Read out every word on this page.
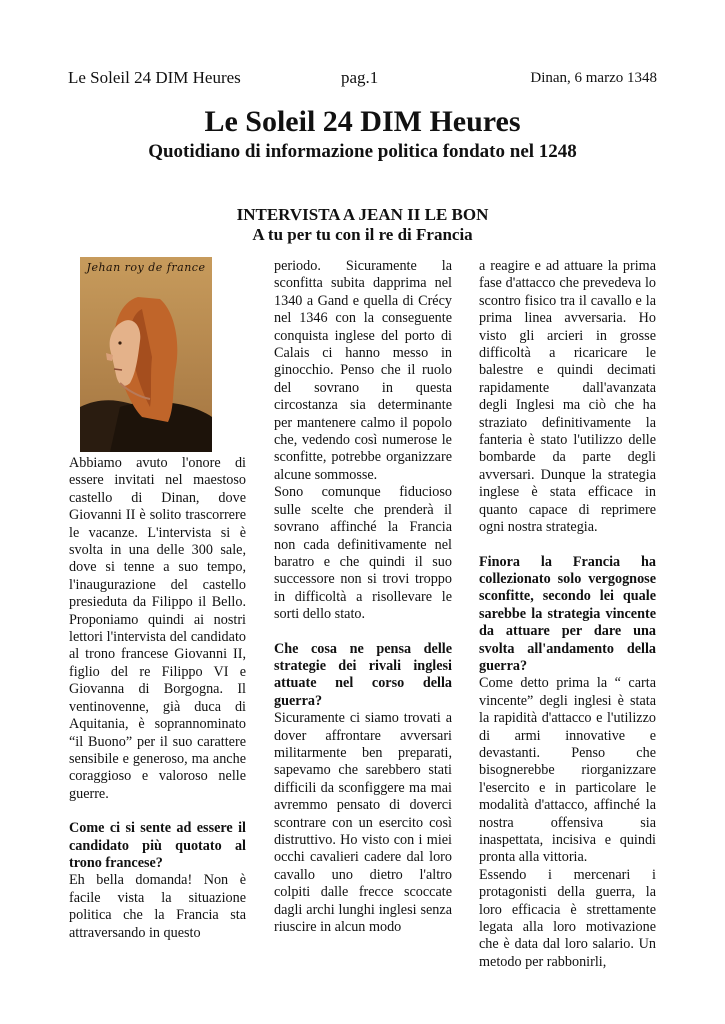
Le Soleil 24 DIM Heures	pag.1	Dinan, 6 marzo 1348
Le Soleil 24 DIM Heures
Quotidiano di informazione politica fondato nel 1248
INTERVISTA A JEAN II LE BON
A tu per tu con il re di Francia
Jehan roy de france

Abbiamo avuto l'onore di essere invitati nel maestoso castello di Dinan, dove Giovanni II è solito trascorrere le vacanze. L'intervista si è svolta in una delle 300 sale, dove si tenne a suo tempo, l'inaugurazione del castello presieduta da Filippo il Bello. Proponiamo quindi ai nostri lettori l'intervista del candidato al trono francese Giovanni II, figlio del re Filippo VI e Giovanna di Borgogna. Il ventinovenne, già duca di Aquitania, è soprannominato “il Buono” per il suo carattere sensibile e generoso, ma anche coraggioso e valoroso nelle guerre.

Come ci si sente ad essere il candidato più quotato al trono francese?

Eh bella domanda! Non è facile vista la situazione politica che la Francia sta attraversando in questo

periodo. Sicuramente la sconfitta subita dapprima nel 1340 a Gand e quella di Crécy nel 1346 con la conseguente conquista inglese del porto di Calais ci hanno messo in ginocchio. Penso che il ruolo del sovrano in questa circostanza sia determinante per mantenere calmo il popolo che, vedendo così numerose le sconfitte, potrebbe organizzare alcune sommosse.

Sono comunque fiducioso sulle scelte che prenderà il sovrano affinché la Francia non cada definitivamente nel baratro e che quindi il suo successore non si trovi troppo in difficoltà a risollevare le sorti dello stato.

Che cosa ne pensa delle strategie dei rivali inglesi attuate nel corso della guerra?

Sicuramente ci siamo trovati a dover affrontare avversari militarmente ben preparati, sapevamo che sarebbero stati difficili da sconfiggere ma mai avremmo pensato di doverci scontrare con un esercito così distruttivo. Ho visto con i miei occhi cavalieri cadere dal loro cavallo uno dietro l'altro colpiti dalle frecce scoccate dagli archi lunghi inglesi senza riuscire in alcun modo

a reagire e ad attuare la prima fase d'attacco che prevedeva lo scontro fisico tra il cavallo e la prima linea avversaria. Ho visto gli arcieri in grosse difficoltà a ricaricare le balestre e quindi decimati rapidamente dall'avanzata degli Inglesi ma ciò che ha straziato definitivamente la fanteria è stato l'utilizzo delle bombarde da parte degli avversari. Dunque la strategia inglese è stata efficace in quanto capace di reprimere ogni nostra strategia.

Finora la Francia ha collezionato solo vergognose sconfitte, secondo lei quale sarebbe la strategia vincente da attuare per dare una svolta all'andamento della guerra?

Come detto prima la “ carta vincente” degli inglesi è stata la rapidità d'attacco e l'utilizzo di armi innovative e devastanti. Penso che bisognerebbe riorganizzare l'esercito e in particolare le modalità d'attacco, affinché la nostra offensiva sia inaspettata, incisiva e quindi pronta alla vittoria.

Essendo i mercenari i protagonisti della guerra, la loro efficacia è strettamente legata alla loro motivazione che è data dal loro salario. Un metodo per rabbonirli,
